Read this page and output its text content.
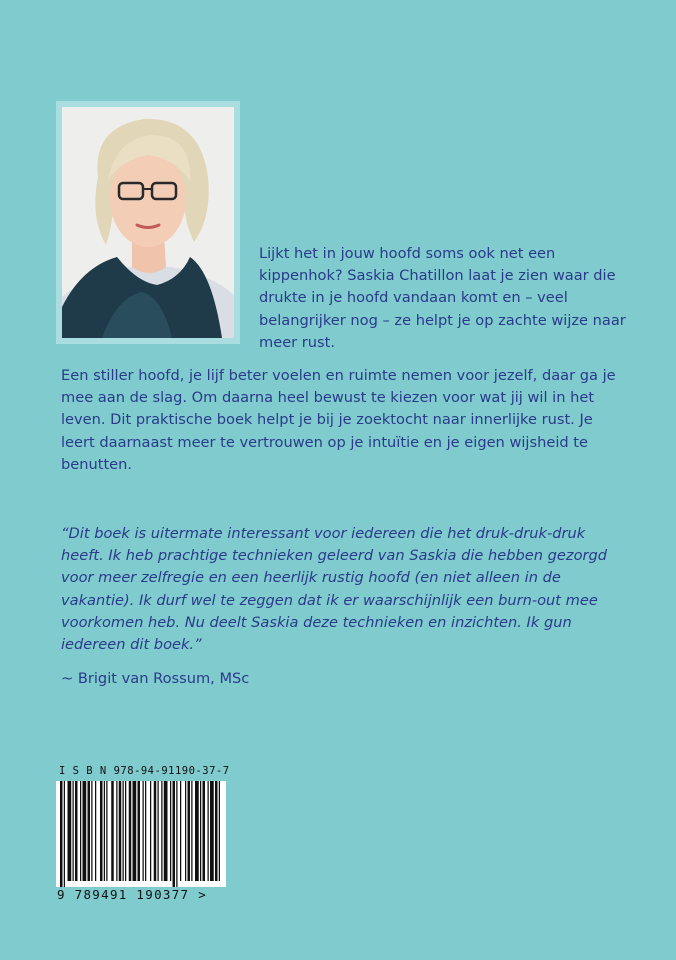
Lijkt het in jouw hoofd soms ook net een kippenhok? Saskia Chatillon laat je zien waar die drukte in je hoofd vandaan komt en – veel belangrijker nog – ze helpt je op zachte wijze naar meer rust.

Een stiller hoofd, je lijf beter voelen en ruimte nemen voor jezelf, daar ga je mee aan de slag. Om daarna heel bewust te kiezen voor wat jij wil in het leven. Dit praktische boek helpt je bij je zoektocht naar innerlijke rust. Je leert daarnaast meer te vertrouwen op je intuïtie en je eigen wijsheid te benutten.

“Dit boek is uitermate interessant voor iedereen die het druk-druk-druk heeft. Ik heb prachtige technieken geleerd van Saskia die hebben gezorgd voor meer zelfregie en een heerlijk rustig hoofd (en niet alleen in de vakantie). Ik durf wel te zeggen dat ik er waarschijnlijk een burn-out mee voorkomen heb. Nu deelt Saskia deze technieken en inzichten. Ik gun iedereen dit boek.”

~ Brigit van Rossum, MSc

I S B N 978-94-91190-37-7
9 789491 190377 >
